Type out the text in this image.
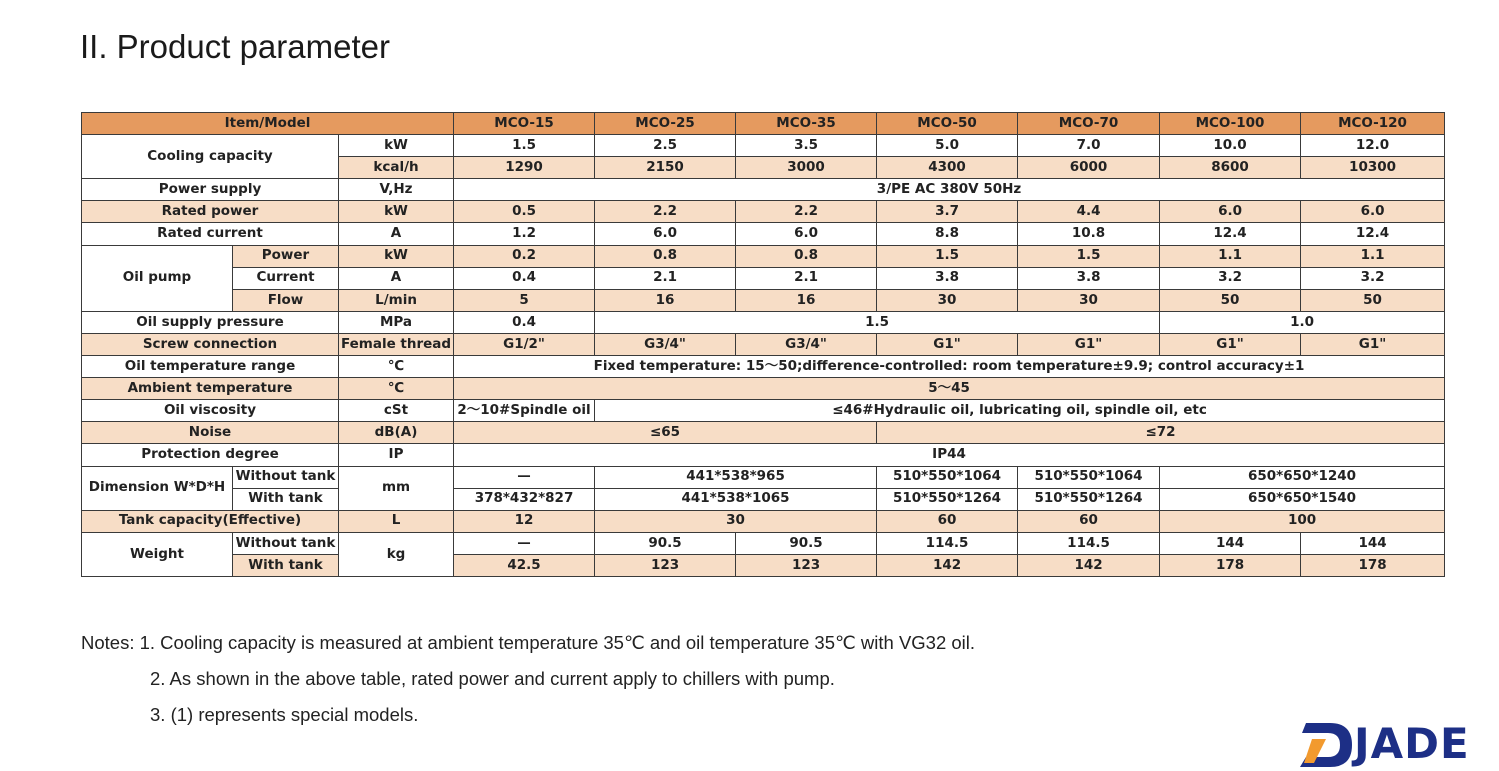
II. Product parameter
Item/Model			MCO-15	MCO-25	MCO-35	MCO-50	MCO-70	MCO-100	MCO-120
Cooling capacity		kW	1.5	2.5	3.5	5.0	7.0	10.0	12.0
		kcal/h	1290	2150	3000	4300	6000	8600	10300
Power supply		V,Hz	3/PE AC 380V 50Hz						
Rated power		kW	0.5	2.2	2.2	3.7	4.4	6.0	6.0
Rated current		A	1.2	6.0	6.0	8.8	10.8	12.4	12.4
Oil pump	Power	kW	0.2	0.8	0.8	1.5	1.5	1.1	1.1
	Current	A	0.4	2.1	2.1	3.8	3.8	3.2	3.2
	Flow	L/min	5	16	16	30	30	50	50
Oil supply pressure		MPa	0.4	1.5				1.0	
Screw connection		Female thread	G1/2"	G3/4"	G3/4"	G1"	G1"	G1"	G1"
Oil temperature range		℃	Fixed temperature: 15～50;difference-controlled: room temperature±9.9; control accuracy±1						
Ambient temperature		℃	5～45						
Oil viscosity		cSt	2～10#Spindle oil	≤46#Hydraulic oil, lubricating oil, spindle oil, etc					
Noise		dB(A)	≤65			≤72			
Protection degree		IP	IP44						
Dimension W*D*H	Without tank	mm	—	441*538*965		510*550*1064	510*550*1064	650*650*1240	
	With tank		378*432*827	441*538*1065		510*550*1264	510*550*1264	650*650*1540	
Tank capacity(Effective)		L	12	30		60	60	100	
Weight	Without tank	kg	—	90.5	90.5	114.5	114.5	144	144
	With tank		42.5	123	123	142	142	178	178
Notes: 1. Cooling capacity is measured at ambient temperature 35℃ and oil temperature 35℃ with VG32 oil.
2. As shown in the above table, rated power and current apply to chillers with pump.
3. (1) represents special models.
JADE
